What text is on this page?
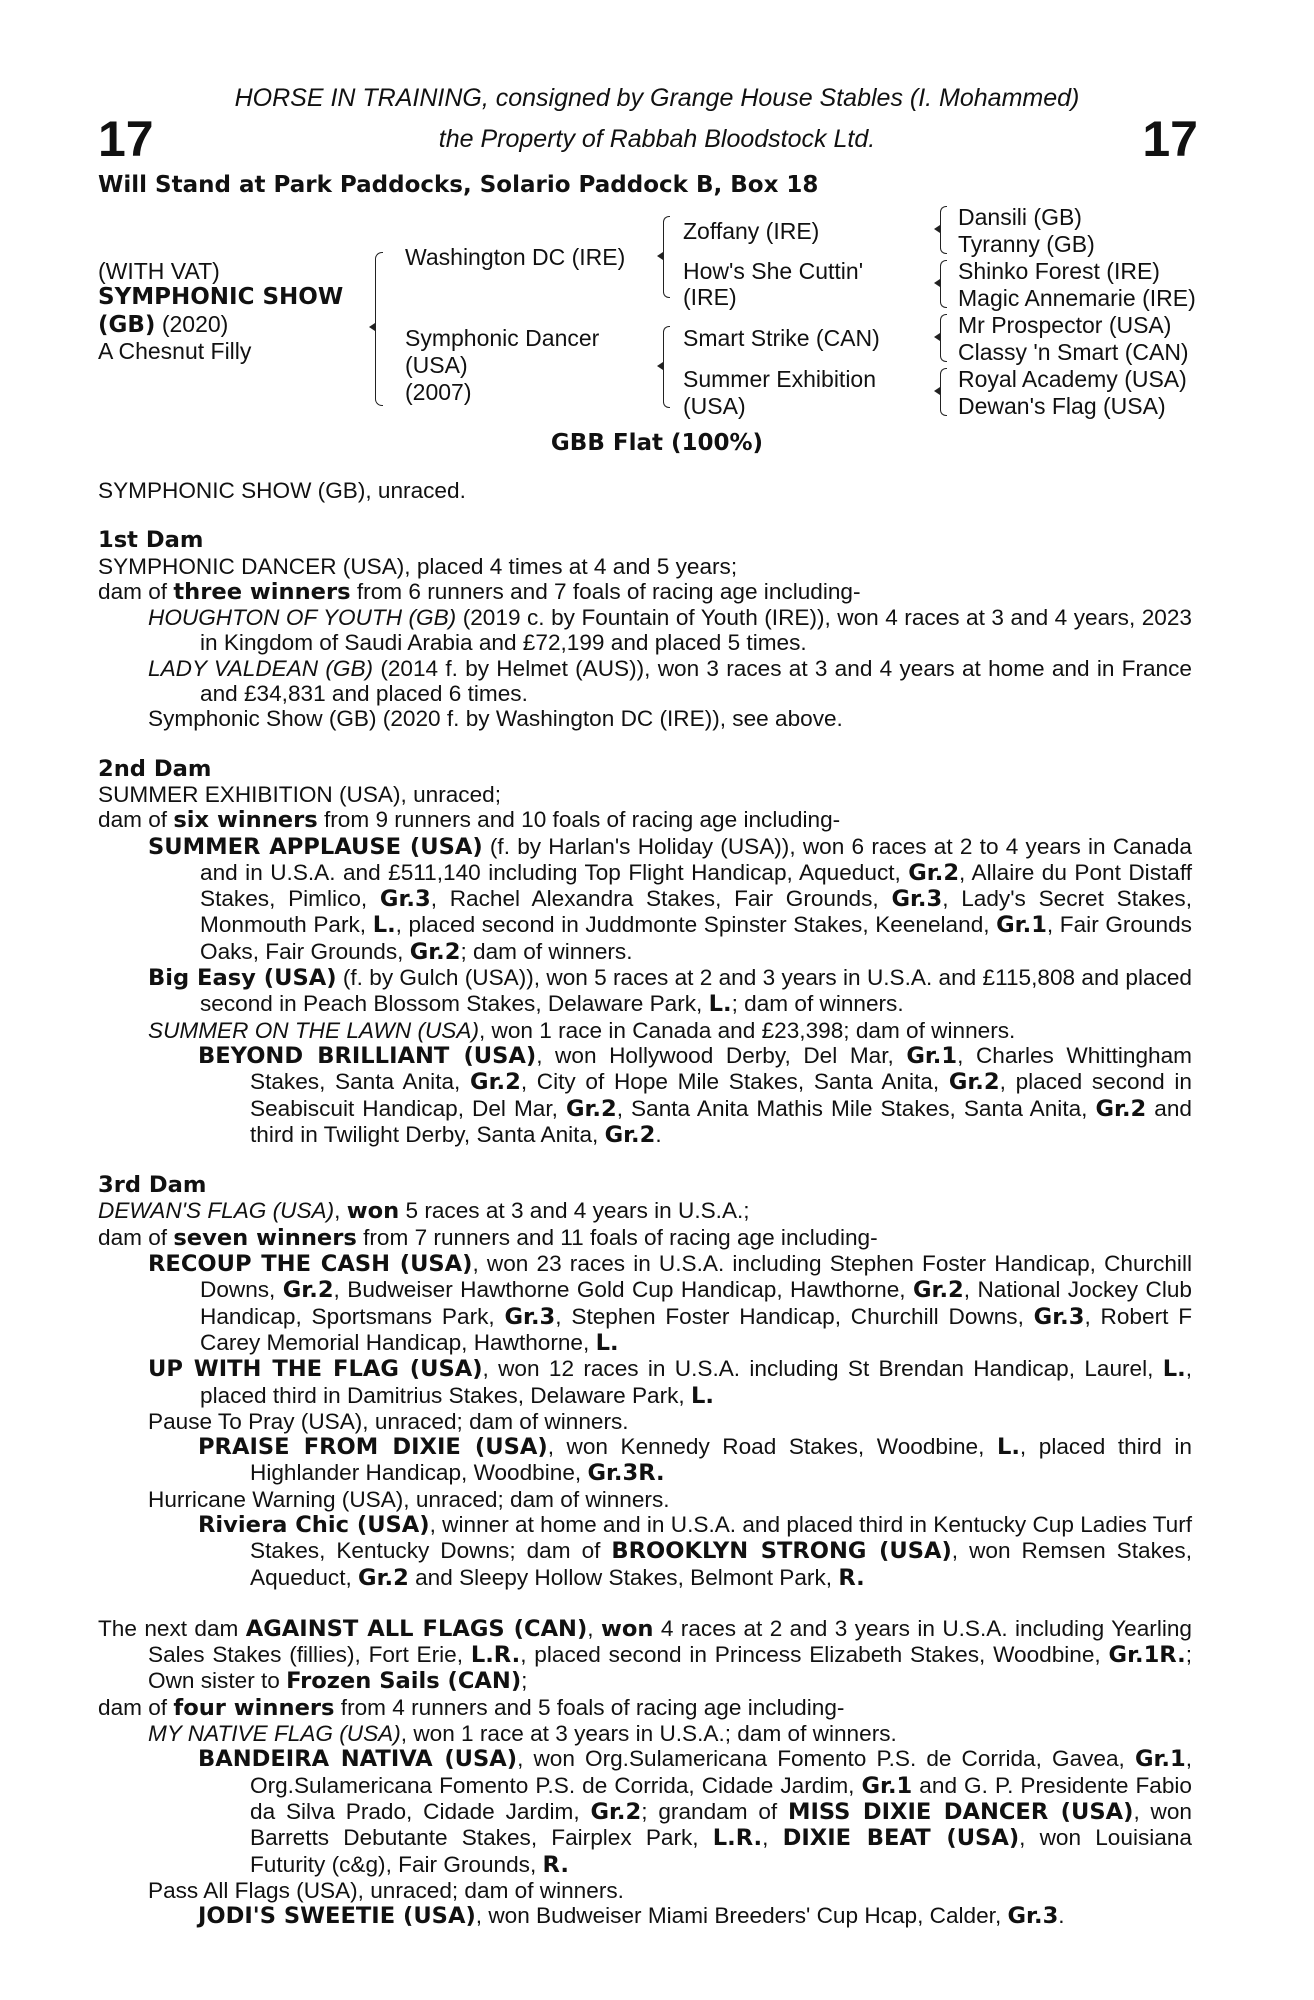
17	17
HORSE IN TRAINING, consigned by Grange House Stables (I. Mohammed)
the Property of Rabbah Bloodstock Ltd.
Will Stand at Park Paddocks, Solario Paddock B, Box 18
(WITH VAT)
SYMPHONIC SHOW
(GB) (2020)
A Chesnut Filly
Washington DC (IRE)
Symphonic Dancer
(USA)
(2007)
Zoffany (IRE)
How's She Cuttin'
(IRE)
Smart Strike (CAN)
Summer Exhibition
(USA)
Dansili (GB)
Tyranny (GB)
Shinko Forest (IRE)
Magic Annemarie (IRE)
Mr Prospector (USA)
Classy 'n Smart (CAN)
Royal Academy (USA)
Dewan's Flag (USA)
GBB Flat (100%)

SYMPHONIC SHOW (GB), unraced.

1st Dam

SYMPHONIC DANCER (USA), placed 4 times at 4 and 5 years;

dam of three winners from 6 runners and 7 foals of racing age including-

HOUGHTON OF YOUTH (GB) (2019 c. by Fountain of Youth (IRE)), won 4 races at 3 and 4 years, 2023 in Kingdom of Saudi Arabia and £72,199 and placed 5 times.

LADY VALDEAN (GB) (2014 f. by Helmet (AUS)), won 3 races at 3 and 4 years at home and in France and £34,831 and placed 6 times.

Symphonic Show (GB) (2020 f. by Washington DC (IRE)), see above.

2nd Dam

SUMMER EXHIBITION (USA), unraced;

dam of six winners from 9 runners and 10 foals of racing age including-

SUMMER APPLAUSE (USA) (f. by Harlan's Holiday (USA)), won 6 races at 2 to 4 years in Canada and in U.S.A. and £511,140 including Top Flight Handicap, Aqueduct, Gr.2, Allaire du Pont Distaff Stakes, Pimlico, Gr.3, Rachel Alexandra Stakes, Fair Grounds, Gr.3, Lady's Secret Stakes, Monmouth Park, L., placed second in Juddmonte Spinster Stakes, Keeneland, Gr.1, Fair Grounds Oaks, Fair Grounds, Gr.2; dam of winners.

Big Easy (USA) (f. by Gulch (USA)), won 5 races at 2 and 3 years in U.S.A. and £115,808 and placed second in Peach Blossom Stakes, Delaware Park, L.; dam of winners.

SUMMER ON THE LAWN (USA), won 1 race in Canada and £23,398; dam of winners.

BEYOND BRILLIANT (USA), won Hollywood Derby, Del Mar, Gr.1, Charles Whittingham Stakes, Santa Anita, Gr.2, City of Hope Mile Stakes, Santa Anita, Gr.2, placed second in Seabiscuit Handicap, Del Mar, Gr.2, Santa Anita Mathis Mile Stakes, Santa Anita, Gr.2 and third in Twilight Derby, Santa Anita, Gr.2.

3rd Dam

DEWAN'S FLAG (USA), won 5 races at 3 and 4 years in U.S.A.;

dam of seven winners from 7 runners and 11 foals of racing age including-

RECOUP THE CASH (USA), won 23 races in U.S.A. including Stephen Foster Handicap, Churchill Downs, Gr.2, Budweiser Hawthorne Gold Cup Handicap, Hawthorne, Gr.2, National Jockey Club Handicap, Sportsmans Park, Gr.3, Stephen Foster Handicap, Churchill Downs, Gr.3, Robert F Carey Memorial Handicap, Hawthorne, L.

UP WITH THE FLAG (USA), won 12 races in U.S.A. including St Brendan Handicap, Laurel, L., placed third in Damitrius Stakes, Delaware Park, L.

Pause To Pray (USA), unraced; dam of winners.

PRAISE FROM DIXIE (USA), won Kennedy Road Stakes, Woodbine, L., placed third in Highlander Handicap, Woodbine, Gr.3R.

Hurricane Warning (USA), unraced; dam of winners.

Riviera Chic (USA), winner at home and in U.S.A. and placed third in Kentucky Cup Ladies Turf Stakes, Kentucky Downs; dam of BROOKLYN STRONG (USA), won Remsen Stakes, Aqueduct, Gr.2 and Sleepy Hollow Stakes, Belmont Park, R.

The next dam AGAINST ALL FLAGS (CAN), won 4 races at 2 and 3 years in U.S.A. including Yearling Sales Stakes (fillies), Fort Erie, L.R., placed second in Princess Elizabeth Stakes, Woodbine, Gr.1R.; Own sister to Frozen Sails (CAN);

dam of four winners from 4 runners and 5 foals of racing age including-

MY NATIVE FLAG (USA), won 1 race at 3 years in U.S.A.; dam of winners.

BANDEIRA NATIVA (USA), won Org.Sulamericana Fomento P.S. de Corrida, Gavea, Gr.1, Org.Sulamericana Fomento P.S. de Corrida, Cidade Jardim, Gr.1 and G. P. Presidente Fabio da Silva Prado, Cidade Jardim, Gr.2; grandam of MISS DIXIE DANCER (USA), won Barretts Debutante Stakes, Fairplex Park, L.R., DIXIE BEAT (USA), won Louisiana Futurity (c&g), Fair Grounds, R.

Pass All Flags (USA), unraced; dam of winners.

JODI'S SWEETIE (USA), won Budweiser Miami Breeders' Cup Hcap, Calder, Gr.3.
